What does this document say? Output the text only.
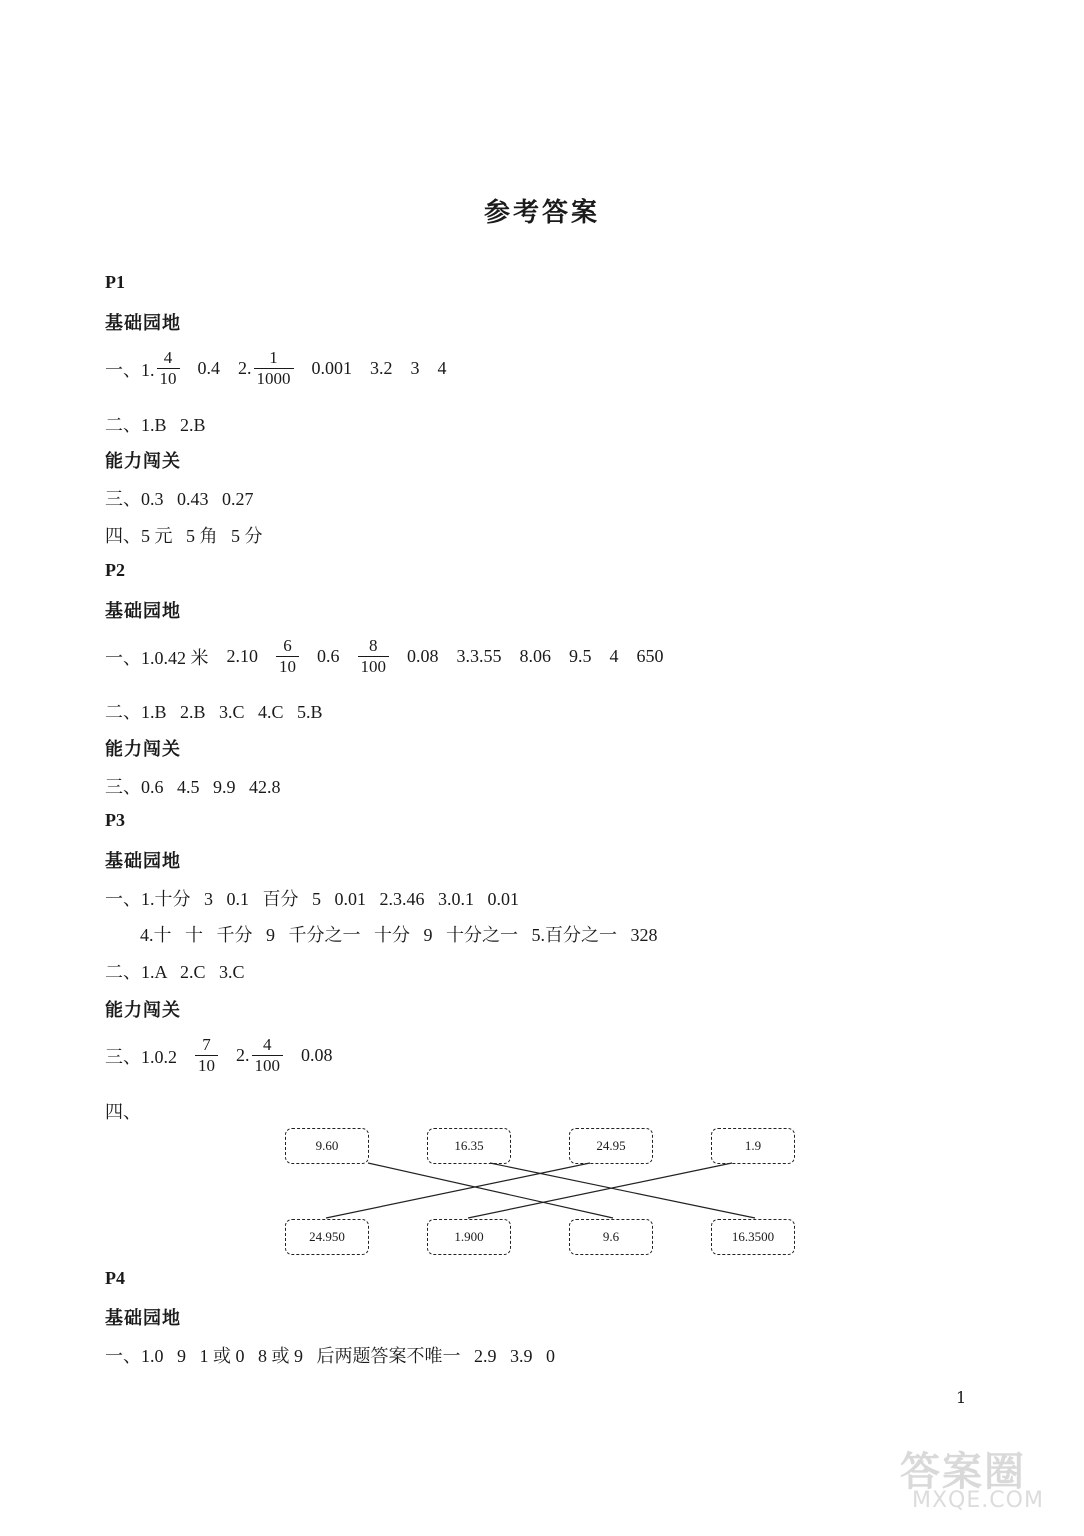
参考答案
P1
基础园地
一、1. $\frac{4}{10} 0.4$ 2. $\frac{1}{1000} 0.001$ 3.2 3 4
二、1.B   2.B
能力闯关
三、0.3   0.43   0.27
四、5 元   5 角   5 分
P2
基础园地
一、1.0.42 米 $2.10 \frac{6}{10} 0.6 \frac{8}{100} 0.08$ 3.3.55 8.06 9.5 4 650
二、1.B   2.B   3.C   4.C   5.B
能力闯关
三、0.6   4.5   9.9   42.8
P3
基础园地
一、1.十分   3   0.1   百分   5   0.01   2.3.46   3.0.1   0.01
4.十   十   千分   9   千分之一   十分   9   十分之一   5.百分之一   328
二、1.A   2.C   3.C
能力闯关
三、$1.0.2 \frac{7}{10} 2$. $\frac{4}{100} 0.08$
四、
9.60	16.35	24.95	1.9
24.950	1.900	9.6	16.3500
P4
基础园地
一、1.0   9   1 或 0   8 或 9   后两题答案不唯一   2.9   3.9   0
1
答案圈
MXQE.COM
